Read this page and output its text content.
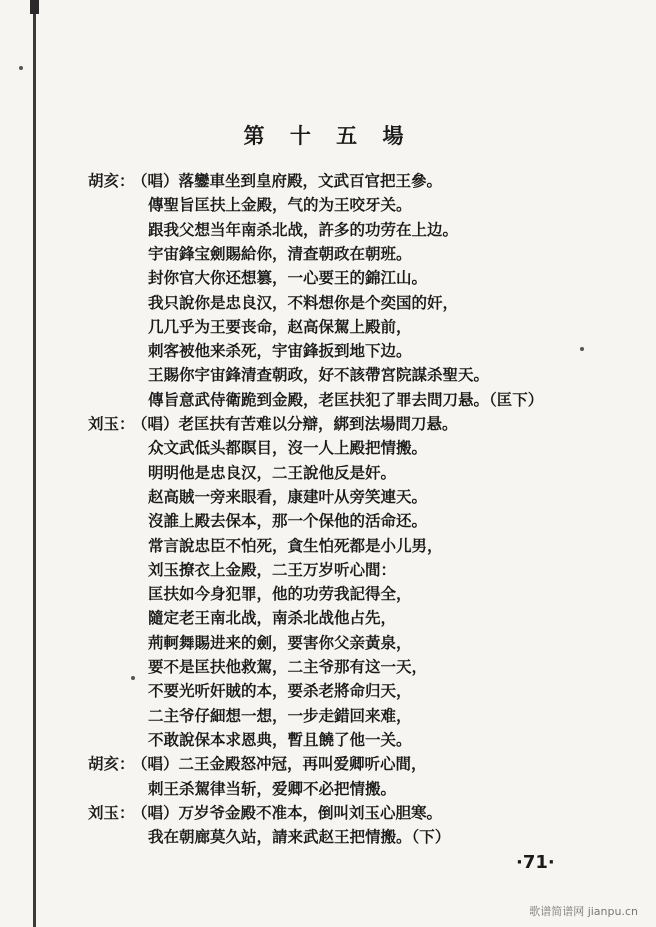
第 十 五 場
胡亥：
（唱）落鑾車坐到皇府殿，文武百官把王參。
傳聖旨匡扶上金殿，气的为王咬牙关。
跟我父想当年南杀北战，許多的功劳在上边。
宇宙鋒宝劍賜給你，清查朝政在朝班。
封你官大你还想篡，一心要王的錦江山。
我只說你是忠良汉，不料想你是个奕国的奸，
几几乎为王要丧命，赵高保駕上殿前，
刺客被他来杀死，宇宙鋒扳到地下边。
王賜你宇宙鋒清查朝政，好不該帶宮院謀杀聖天。
傳旨意武侍衛跪到金殿，老匡扶犯了罪去問刀悬。（匡下）
刘玉：
（唱）老匡扶有苦难以分辯，綁到法場問刀悬。
众文武低头都瞑目，沒一人上殿把情搬。
明明他是忠良汉，二王說他反是奸。
赵高賊一旁来眼看，康建叶从旁笑連天。
沒誰上殿去保本，那一个保他的活命还。
常言說忠臣不怕死，貪生怕死都是小儿男，
刘玉撩衣上金殿，二王万岁听心間：
匡扶如今身犯罪，他的功劳我記得全，
隨定老王南北战，南杀北战他占先，
荊軻舞賜进来的劍，要害你父亲黃泉，
要不是匡扶他救駕，二主爷那有这一天，
不要光听奸賊的本，要杀老將命归天，
二主爷仔細想一想，一步走錯回来难，
不敢說保本求恩典，暫且饒了他一关。
胡亥：
（唱）二王金殿怒冲冠，再叫爱卿听心間，
刺王杀駕律当斩，爱卿不必把情搬。
刘玉：
（唱）万岁爷金殿不准本，倒叫刘玉心胆寒。
我在朝廊莫久站，請来武赵王把情搬。（下）
·71·
歌谱简谱网 jianpu.cn
